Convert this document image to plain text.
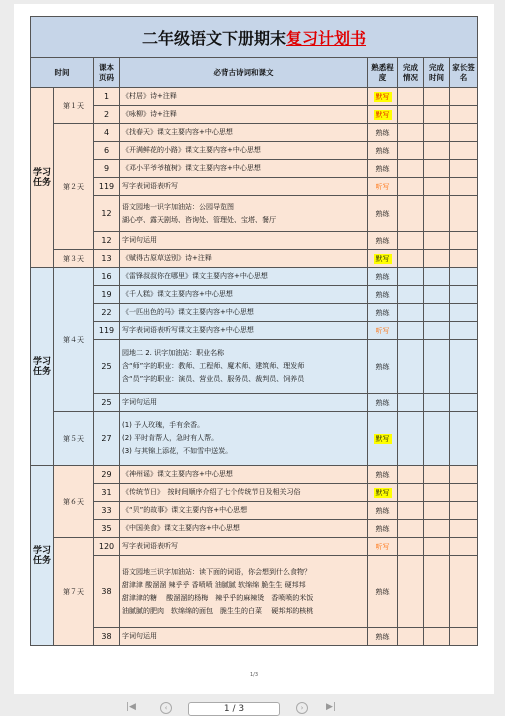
二年级语文下册期末复习计划书							
时间		课本页码	必背古诗词和课文	熟悉程度	完成情况	完成时间	家长签名
学习任务	第１天	1	《村居》诗+注释	默写			
		2	《咏柳》诗+注释	默写			
	第２天	4	《找春天》课文主要内容+中心思想	熟练			
		6	《开满鲜花的小路》课文主要内容+中心思想	熟练			
		9	《邓小平爷爷植树》课文主要内容+中心思想	熟练			
		119	写字表词语表听写	听写			
		12	语文园地一识字加油站：公园导览图
湖心亭、露天剧场、咨询处、管理处、宝塔、餐厅	熟练			
		12	字词句运用	熟练			
	第３天	13	《赋得古原草送别》诗+注释	默写			
学习任务	第４天	16	《雷锋叔叔你在哪里》课文主要内容+中心思想	熟练			
		19	《千人糕》课文主要内容+中心思想	熟练			
		22	《一匹出色的马》课文主要内容+中心思想	熟练			
		119	写字表词语表听写课文主要内容+中心思想	听写			
		25	园地二 2. 识字加油站：职业名称
含“师”字的职业：教师、工程师、魔术师、建筑师、理发师
含“员”字的职业：演员、营业员、服务员、裁判员、饲养员	熟练			
		25	字词句运用	熟练			
	第５天	27	(1) 予人玫瑰，手有余香。
(2) 平时肯帮人，急时有人帮。
(3) 与其锦上添花，不如雪中送炭。	默写			
学习任务	第６天	29	《神州谣》课文主要内容+中心思想	熟练			
		31	《传统节日》　按时间顺序介绍了七个传统节日及相关习俗	默写			
		33	《“贝”的故事》课文主要内容+中心思想	熟练			
		35	《中国美食》课文主要内容+中心思想	熟练			
	第７天	120	写字表词语表听写	听写			
		38	语文园地三识字加油站：读下面的词语，你会想到什么食物？
甜津津 酸溜溜 辣乎乎 香喷喷 油腻腻 软绵绵 脆生生 硬邦邦
甜津津的糖　 酸溜溜的杨梅　辣乎乎的麻辣烫　香喷喷的米饭
油腻腻的肥肉　软绵绵的面包　脆生生的白菜　 硬邦邦的核桃	熟练			
		38	字词句运用	熟练			
1/3
|◀	‹	1 / 3	›	▶|
